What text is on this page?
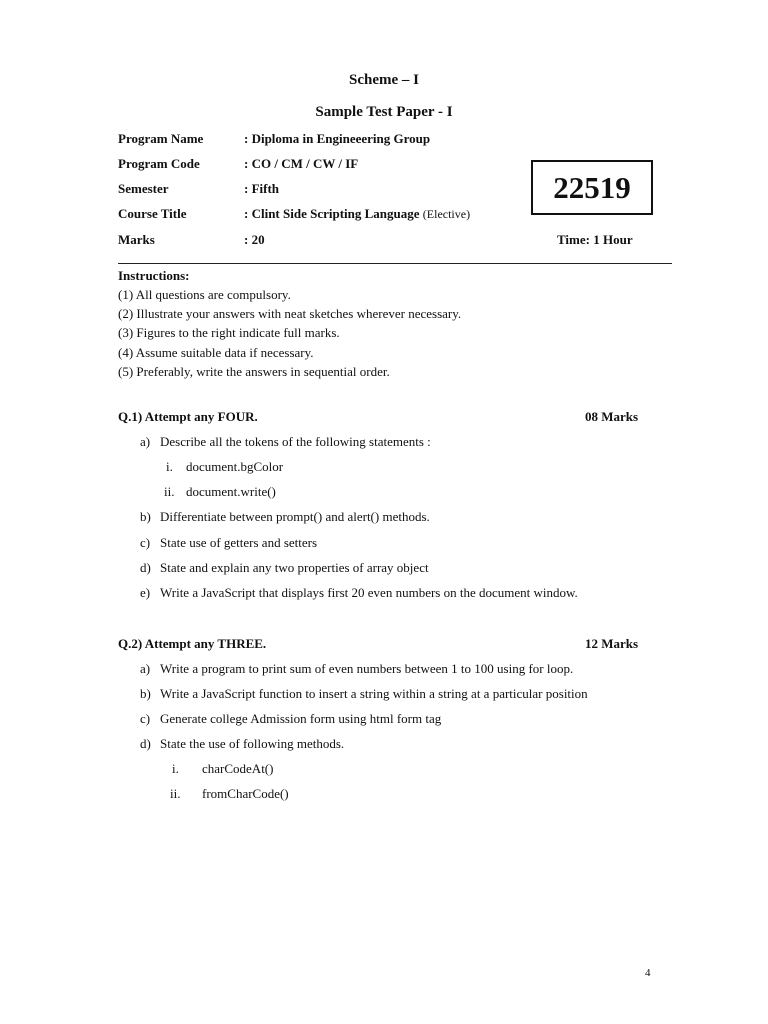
Scheme – I
Sample Test Paper - I
Program Name	: Diploma in Engineeering Group
Program Code	: CO / CM / CW / IF
Semester	: Fifth
Course Title	: Clint Side Scripting Language (Elective)
Marks	: 20
22519
Time: 1 Hour
Instructions:
(1) All questions are compulsory.
(2) Illustrate your answers with neat sketches wherever necessary.
(3) Figures to the right indicate full marks.
(4) Assume suitable data if necessary.
(5) Preferably, write the answers in sequential order.
Q.1) Attempt any FOUR.	08 Marks
a) Describe all the tokens of the following statements :
i. document.bgColor
ii. document.write()
b) Differentiate between prompt() and alert() methods.
c) State use of getters and setters
d) State and explain any two properties of array object
e) Write a JavaScript that displays first 20 even numbers on the document window.
Q.2) Attempt any THREE.	12 Marks
a) Write a program to print sum of even numbers between 1 to 100 using for loop.
b) Write a JavaScript function to insert a string within a string at a particular position
c) Generate college Admission form using html form tag
d) State the use of following methods.
i. charCodeAt()
ii. fromCharCode()
4
